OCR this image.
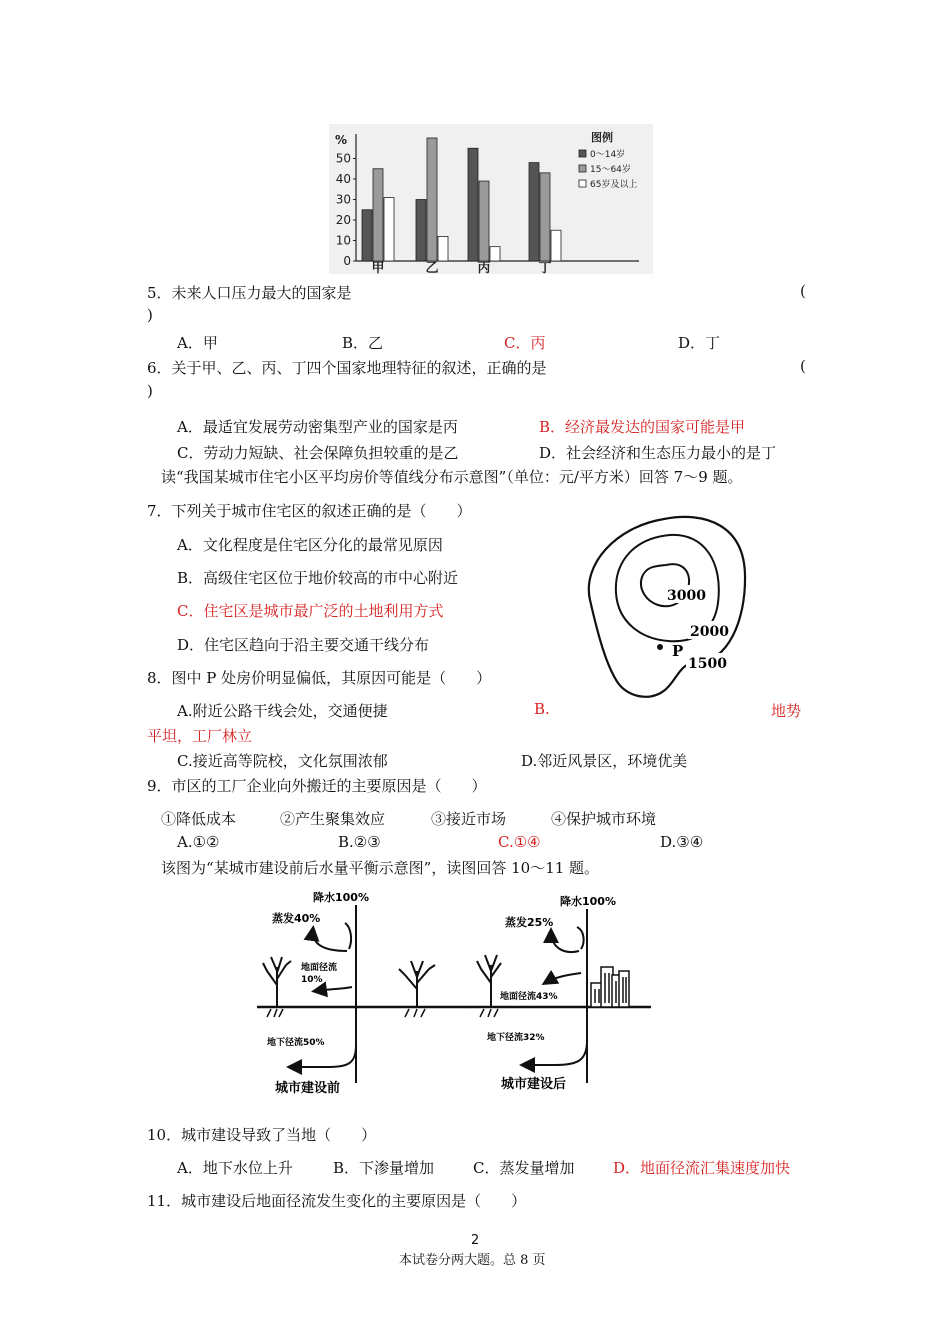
%
0
10
20
30
40
50
甲	乙	丙	丁
图例
0～14岁
15～64岁
65岁及以上
5．未来人口压力最大的国家是	(
)
A．甲	B．乙	C．丙	D．丁
6．关于甲、乙、丙、丁四个国家地理特征的叙述，正确的是	(
)
A．最适宜发展劳动密集型产业的国家是丙	B．经济最发达的国家可能是甲
C．劳动力短缺、社会保障负担较重的是乙	D．社会经济和生态压力最小的是丁
读“我国某城市住宅小区平均房价等值线分布示意图”（单位：元/平方米）回答 7～9 题。
7．下列关于城市住宅区的叙述正确的是（　　）
A．文化程度是住宅区分化的最常见原因
B．高级住宅区位于地价较高的市中心附近
C．住宅区是城市最广泛的土地利用方式
D．住宅区趋向于沿主要交通干线分布
3000
2000
1500
P
8．图中 P 处房价明显偏低，其原因可能是（　　）
A.附近公路干线会处，交通便捷	B.	地势
平坦，工厂林立
C.接近高等院校，文化氛围浓郁	D.邻近风景区，环境优美
9．市区的工厂企业向外搬迁的主要原因是（　　）
①降低成本	②产生聚集效应	③接近市场	④保护城市环境
A.①②	B.②③	C.①④	D.③④
该图为“某城市建设前后水量平衡示意图”，读图回答 10～11 题。
降水100%
蒸发40%
地面径流
10%
地下径流50%
城市建设前
降水100%
蒸发25%
地面径流43%
地下径流32%
城市建设后
10．城市建设导致了当地（　　）
A．地下水位上升	B．下渗量增加	C．蒸发量增加	D．地面径流汇集速度加快
11．城市建设后地面径流发生变化的主要原因是（　　）
2
本试卷分两大题。总 8 页
